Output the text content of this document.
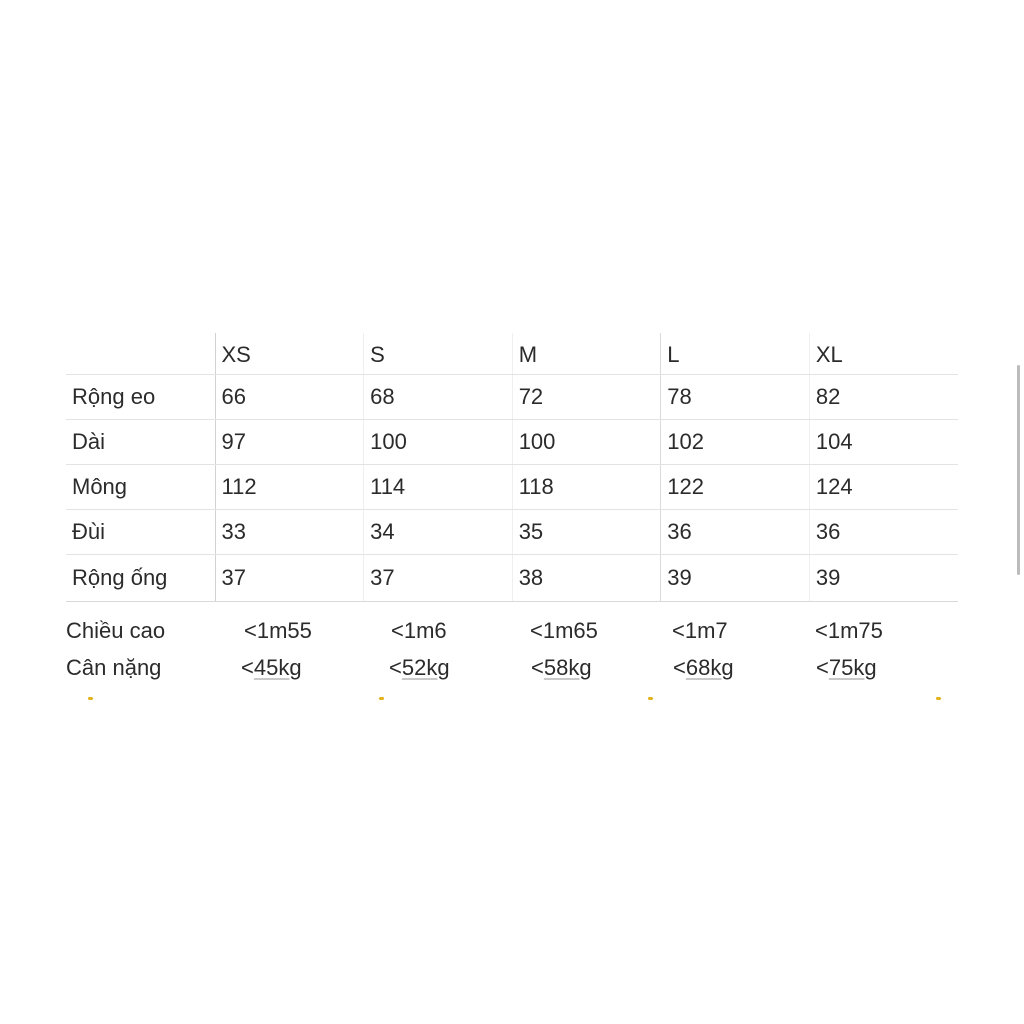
	XS	S	M	L	XL
Rộng eo	66	68	72	78	82
Dài	97	100	100	102	104
Mông	112	114	118	122	124
Đùi	33	34	35	36	36
Rộng ống	37	37	38	39	39
Chiều cao	<1m55	<1m6	<1m65	<1m7	<1m75
Cân nặng	<45kg	<52kg	<58kg	<68kg	<75kg
